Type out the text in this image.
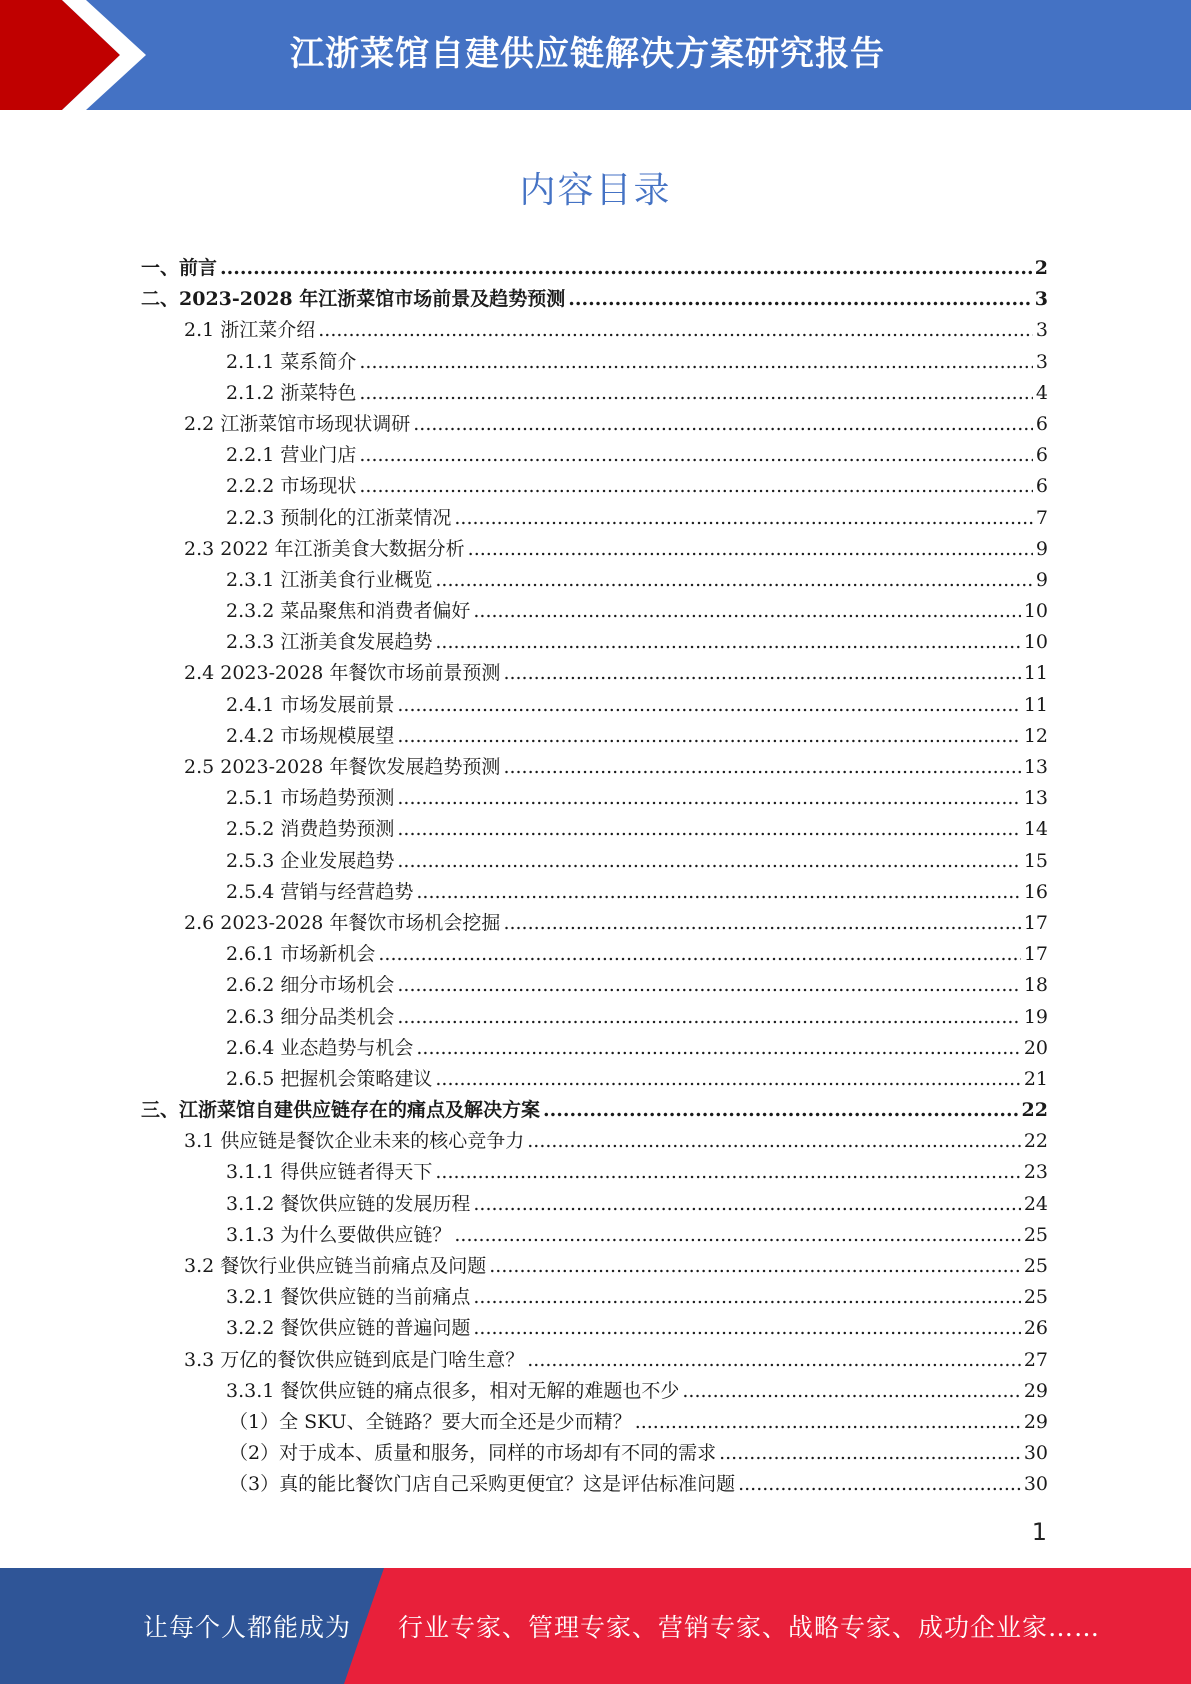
江浙菜馆自建供应链解决方案研究报告
内容目录
一、前言 .....	2
二、2023-2028 年江浙菜馆市场前景及趋势预测 .....	3
2.1 浙江菜介绍 .....	3
2.1.1 菜系简介 .....	3
2.1.2 浙菜特色 .....	4
2.2 江浙菜馆市场现状调研 .....	6
2.2.1 营业门店 .....	6
2.2.2 市场现状 .....	6
2.2.3 预制化的江浙菜情况 .....	7
2.3 2022 年江浙美食大数据分析 .....	9
2.3.1 江浙美食行业概览 .....	9
2.3.2 菜品聚焦和消费者偏好 .....	10
2.3.3 江浙美食发展趋势 .....	10
2.4 2023-2028 年餐饮市场前景预测 .....	11
2.4.1 市场发展前景 .....	11
2.4.2 市场规模展望 .....	12
2.5 2023-2028 年餐饮发展趋势预测 .....	13
2.5.1 市场趋势预测 .....	13
2.5.2 消费趋势预测 .....	14
2.5.3 企业发展趋势 .....	15
2.5.4 营销与经营趋势 .....	16
2.6 2023-2028 年餐饮市场机会挖掘 .....	17
2.6.1 市场新机会 .....	17
2.6.2 细分市场机会 .....	18
2.6.3 细分品类机会 .....	19
2.6.4 业态趋势与机会 .....	20
2.6.5 把握机会策略建议 .....	21
三、江浙菜馆自建供应链存在的痛点及解决方案 .....	22
3.1 供应链是餐饮企业未来的核心竞争力 .....	22
3.1.1 得供应链者得天下 .....	23
3.1.2 餐饮供应链的发展历程 .....	24
3.1.3 为什么要做供应链？ .....	25
3.2 餐饮行业供应链当前痛点及问题 .....	25
3.2.1 餐饮供应链的当前痛点 .....	25
3.2.2 餐饮供应链的普遍问题 .....	26
3.3 万亿的餐饮供应链到底是门啥生意？ .....	27
3.3.1 餐饮供应链的痛点很多，相对无解的难题也不少 .....	29
（1）全 SKU、全链路？要大而全还是少而精？ .....	29
（2）对于成本、质量和服务，同样的市场却有不同的需求 .....	30
（3）真的能比餐饮门店自己采购更便宜？这是评估标准问题 .....	30
1
让每个人都能成为 行业专家、管理专家、营销专家、战略专家、成功企业家……
